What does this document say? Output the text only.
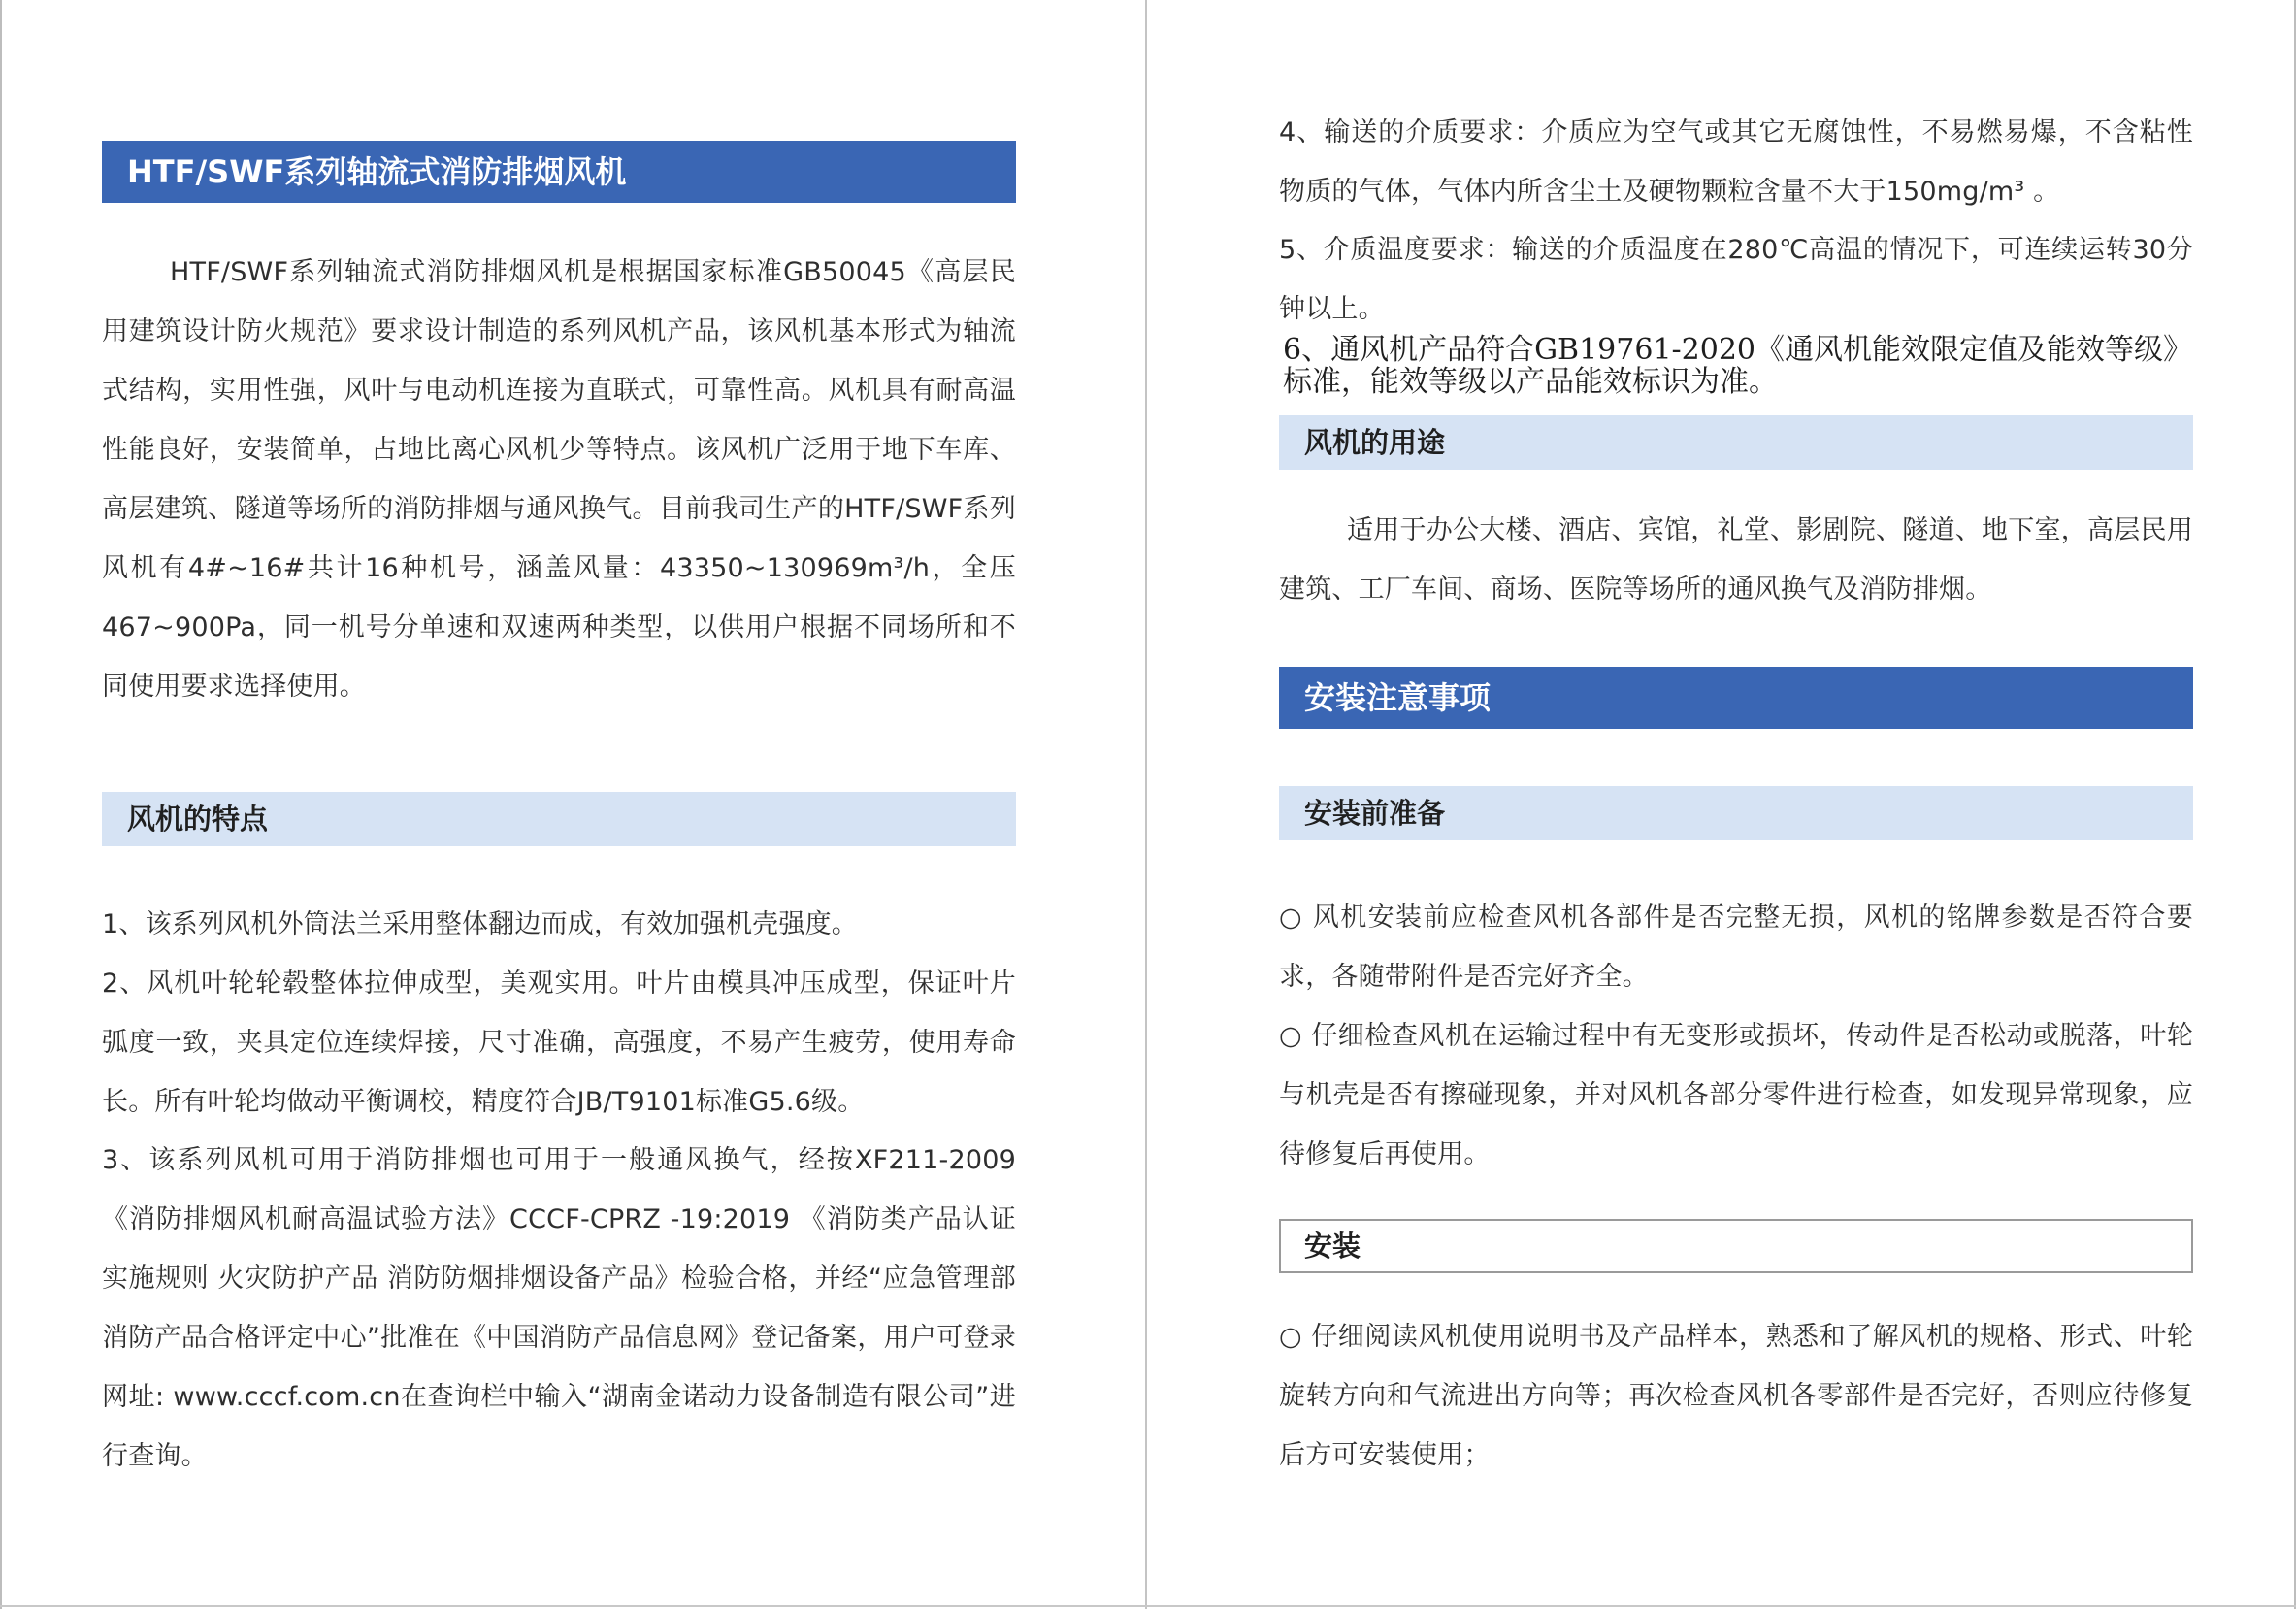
HTF/SWF系列轴流式消防排烟风机

HTF/SWF系列轴流式消防排烟风机是根据国家标准GB50045《高层民用建筑设计防火规范》要求设计制造的系列风机产品，该风机基本形式为轴流式结构，实用性强，风叶与电动机连接为直联式，可靠性高。风机具有耐高温性能良好，安装简单，占地比离心风机少等特点。该风机广泛用于地下车库、高层建筑、隧道等场所的消防排烟与通风换气。目前我司生产的HTF/SWF系列风机有4#~16#共计16种机号，涵盖风量：43350~130969m³/h，全压467~900Pa，同一机号分单速和双速两种类型，以供用户根据不同场所和不同使用要求选择使用。

风机的特点

1、该系列风机外筒法兰采用整体翻边而成，有效加强机壳强度。

2、风机叶轮轮毂整体拉伸成型，美观实用。叶片由模具冲压成型，保证叶片弧度一致，夹具定位连续焊接，尺寸准确，高强度，不易产生疲劳，使用寿命长。所有叶轮均做动平衡调校，精度符合JB/T9101标准G5.6级。

3、该系列风机可用于消防排烟也可用于一般通风换气，经按XF211-2009《消防排烟风机耐高温试验方法》CCCF-CPRZ -19:2019 《消防类产品认证实施规则 火灾防护产品 消防防烟排烟设备产品》检验合格，并经“应急管理部消防产品合格评定中心”批准在《中国消防产品信息网》登记备案，用户可登录网址: www.cccf.com.cn在查询栏中输入“湖南金诺动力设备制造有限公司”进行查询。

4、输送的介质要求：介质应为空气或其它无腐蚀性，不易燃易爆，不含粘性物质的气体，气体内所含尘土及硬物颗粒含量不大于150mg/m³ 。

5、介质温度要求：输送的介质温度在280℃高温的情况下，可连续运转30分钟以上。

6、通风机产品符合GB19761-2020《通风机能效限定值及能效等级》标准，能效等级以产品能效标识为准。

风机的用途

适用于办公大楼、酒店、宾馆，礼堂、影剧院、隧道、地下室，高层民用建筑、工厂车间、商场、医院等场所的通风换气及消防排烟。

安装注意事项
安装前准备

○ 风机安装前应检查风机各部件是否完整无损，风机的铭牌参数是否符合要求，各随带附件是否完好齐全。

○ 仔细检查风机在运输过程中有无变形或损坏，传动件是否松动或脱落，叶轮与机壳是否有擦碰现象，并对风机各部分零件进行检查，如发现异常现象，应待修复后再使用。

安装

○ 仔细阅读风机使用说明书及产品样本，熟悉和了解风机的规格、形式、叶轮旋转方向和气流进出方向等；再次检查风机各零部件是否完好，否则应待修复后方可安装使用；
